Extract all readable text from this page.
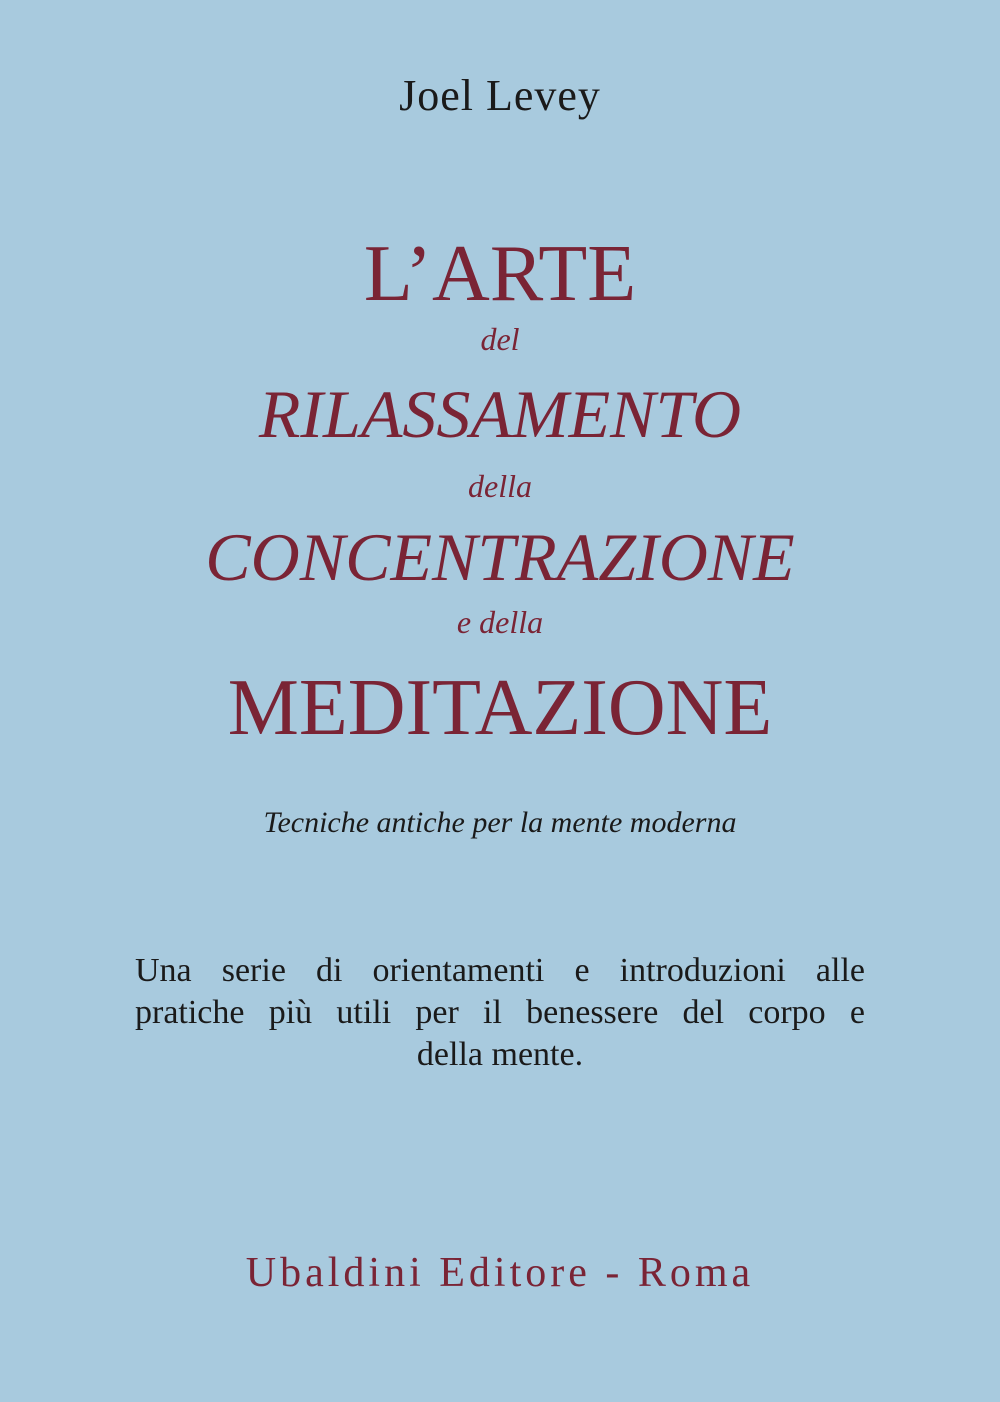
Joel Levey

L’ARTE

del

RILASSAMENTO

della

CONCENTRAZIONE

e della

MEDITAZIONE

Tecniche antiche per la mente moderna

Una serie di orientamenti e introduzioni alle
pratiche più utili per il benessere del corpo e
della mente.

Ubaldini Editore - Roma
